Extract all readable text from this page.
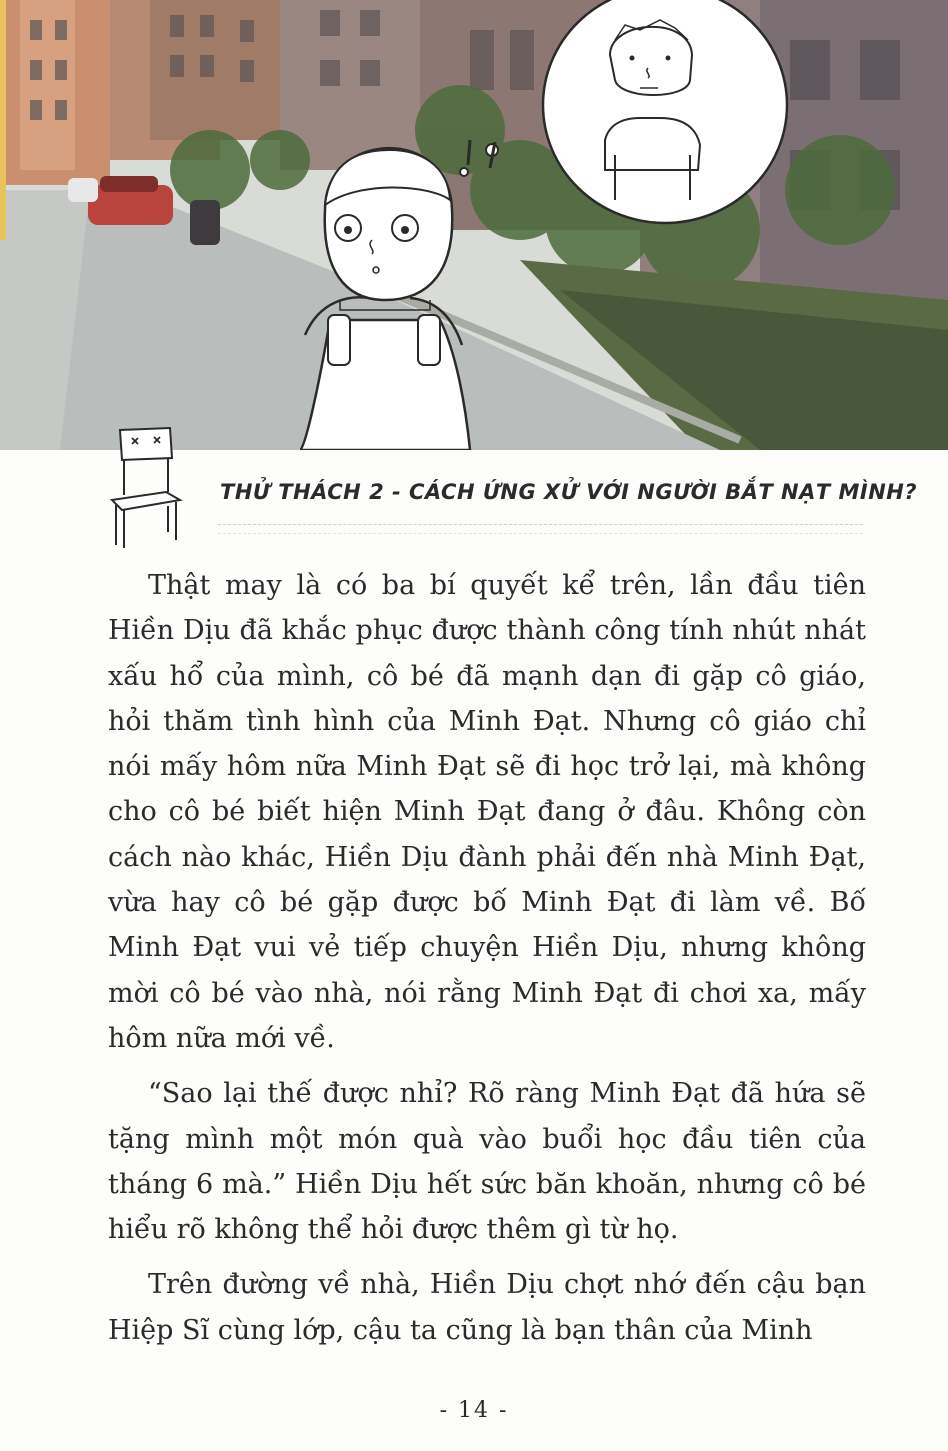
THỬ THÁCH 2 - CÁCH ỨNG XỬ VỚI NGƯỜI BẮT NẠT MÌNH?

Thật may là có ba bí quyết kể trên, lần đầu tiên Hiền Dịu đã khắc phục được thành công tính nhút nhát xấu hổ của mình, cô bé đã mạnh dạn đi gặp cô giáo, hỏi thăm tình hình của Minh Đạt. Nhưng cô giáo chỉ nói mấy hôm nữa Minh Đạt sẽ đi học trở lại, mà không cho cô bé biết hiện Minh Đạt đang ở đâu. Không còn cách nào khác, Hiền Dịu đành phải đến nhà Minh Đạt, vừa hay cô bé gặp được bố Minh Đạt đi làm về. Bố Minh Đạt vui vẻ tiếp chuyện Hiền Dịu, nhưng không mời cô bé vào nhà, nói rằng Minh Đạt đi chơi xa, mấy hôm nữa mới về.

“Sao lại thế được nhỉ? Rõ ràng Minh Đạt đã hứa sẽ tặng mình một món quà vào buổi học đầu tiên của tháng 6 mà.” Hiền Dịu hết sức băn khoăn, nhưng cô bé hiểu rõ không thể hỏi được thêm gì từ họ.

Trên đường về nhà, Hiền Dịu chợt nhớ đến cậu bạn Hiệp Sĩ cùng lớp, cậu ta cũng là bạn thân của Minh

- 14 -
